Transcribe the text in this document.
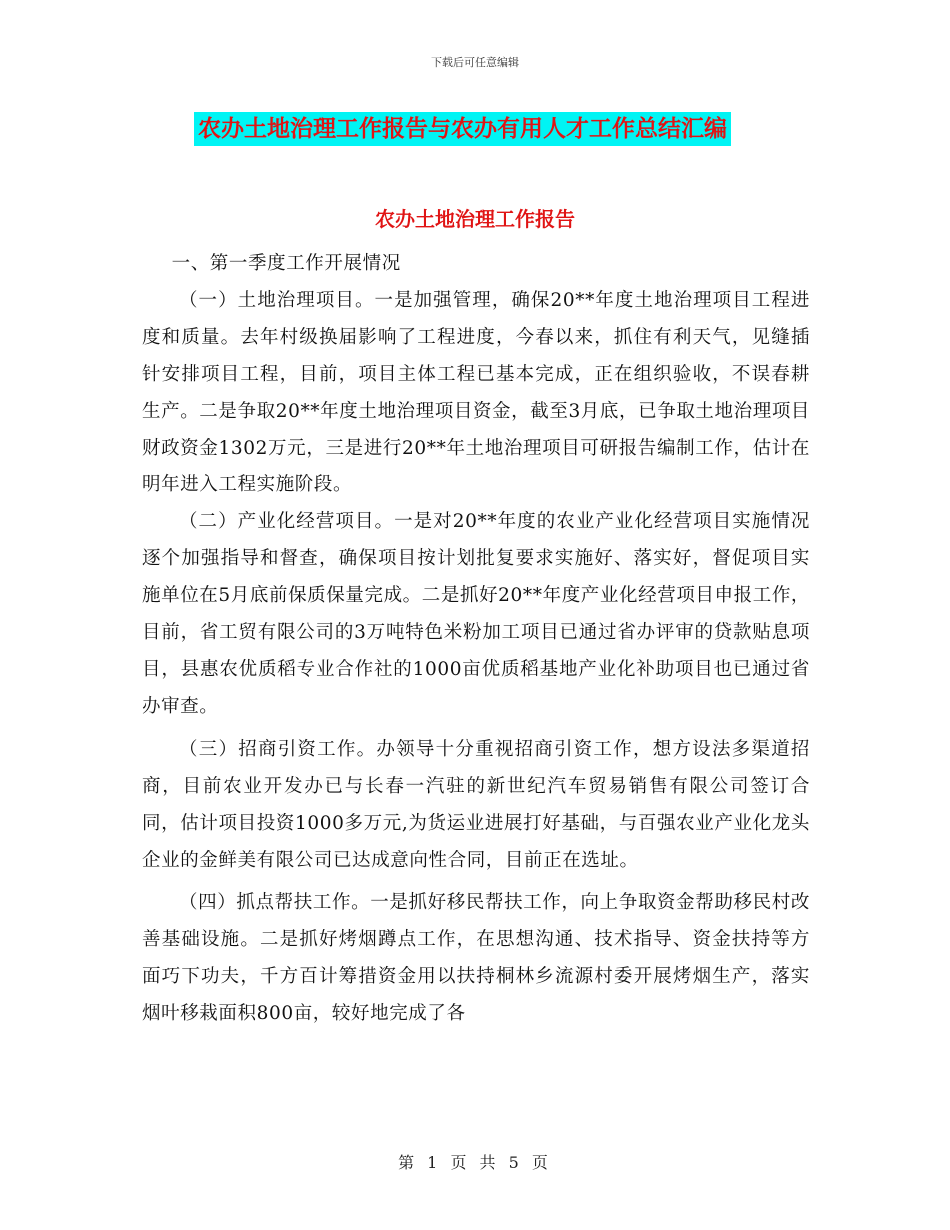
下载后可任意编辑
农办土地治理工作报告与农办有用人才工作总结汇编
农办土地治理工作报告

一、第一季度工作开展情况

（一）土地治理项目。一是加强管理，确保20**年度土地治理项目工程进度和质量。去年村级换届影响了工程进度，今春以来，抓住有利天气，见缝插针安排项目工程，目前，项目主体工程已基本完成，正在组织验收，不误春耕生产。二是争取20**年度土地治理项目资金，截至3月底，已争取土地治理项目财政资金1302万元，三是进行20**年土地治理项目可研报告编制工作，估计在明年进入工程实施阶段。

（二）产业化经营项目。一是对20**年度的农业产业化经营项目实施情况逐个加强指导和督查，确保项目按计划批复要求实施好、落实好，督促项目实施单位在5月底前保质保量完成。二是抓好20**年度产业化经营项目申报工作，目前，省工贸有限公司的3万吨特色米粉加工项目已通过省办评审的贷款贴息项目，县惠农优质稻专业合作社的1000亩优质稻基地产业化补助项目也已通过省办审查。

（三）招商引资工作。办领导十分重视招商引资工作，想方设法多渠道招商，目前农业开发办已与长春一汽驻的新世纪汽车贸易销售有限公司签订合同，估计项目投资1000多万元,为货运业进展打好基础，与百强农业产业化龙头企业的金鲜美有限公司已达成意向性合同，目前正在选址。

（四）抓点帮扶工作。一是抓好移民帮扶工作，向上争取资金帮助移民村改善基础设施。二是抓好烤烟蹲点工作，在思想沟通、技术指导、资金扶持等方面巧下功夫，千方百计筹措资金用以扶持桐林乡流源村委开展烤烟生产，落实烟叶移栽面积800亩，较好地完成了各

第 1 页 共 5 页
